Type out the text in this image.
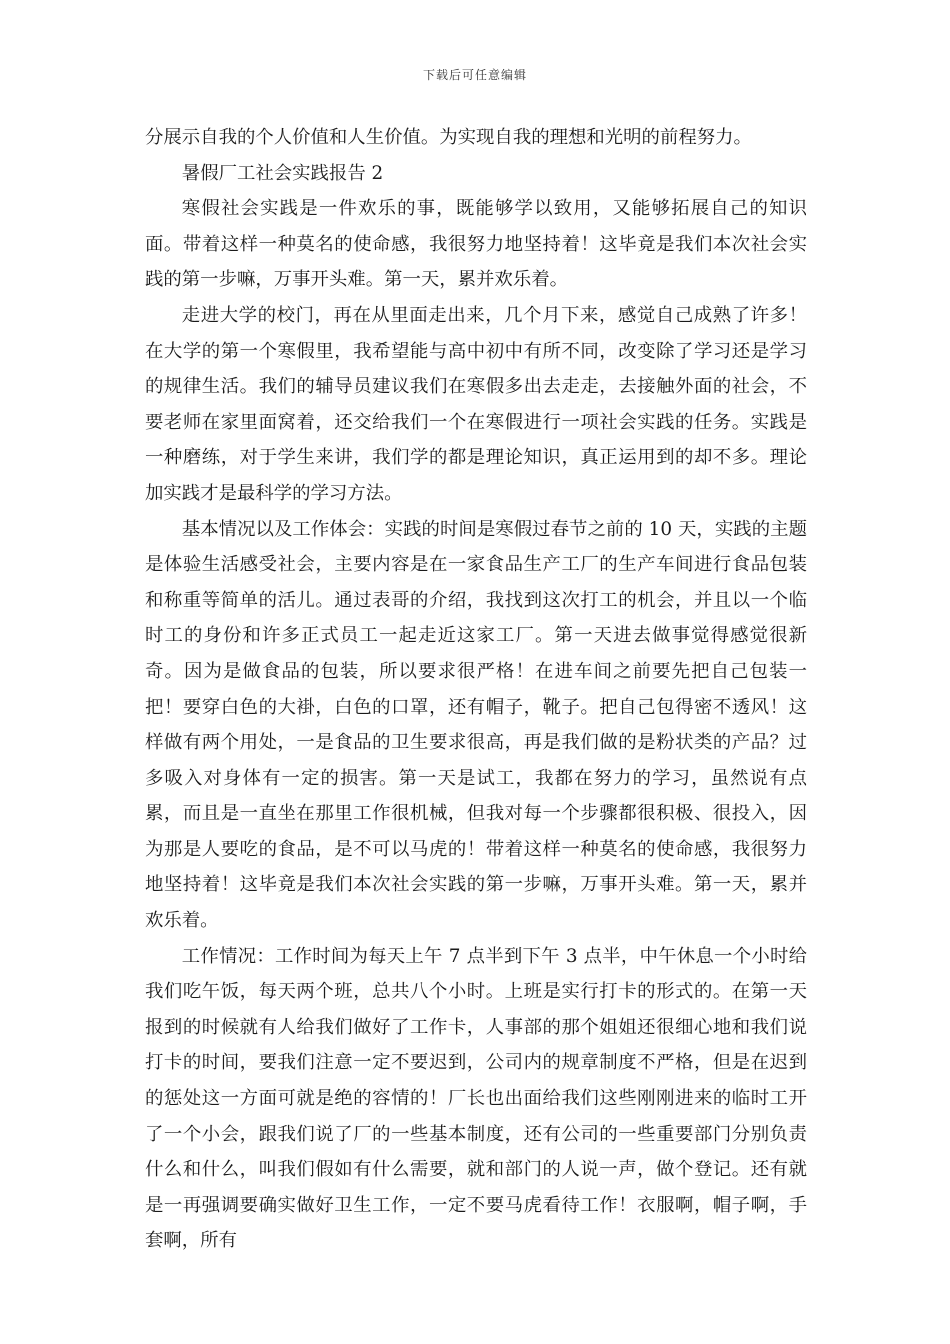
下载后可任意编辑

分展示自我的个人价值和人生价值。为实现自我的理想和光明的前程努力。

暑假厂工社会实践报告 2

寒假社会实践是一件欢乐的事，既能够学以致用，又能够拓展自己的知识面。带着这样一种莫名的使命感，我很努力地坚持着！这毕竟是我们本次社会实践的第一步嘛，万事开头难。第一天，累并欢乐着。

走进大学的校门，再在从里面走出来，几个月下来，感觉自己成熟了许多！在大学的第一个寒假里，我希望能与高中初中有所不同，改变除了学习还是学习的规律生活。我们的辅导员建议我们在寒假多出去走走，去接触外面的社会，不要老师在家里面窝着，还交给我们一个在寒假进行一项社会实践的任务。实践是一种磨练，对于学生来讲，我们学的都是理论知识，真正运用到的却不多。理论加实践才是最科学的学习方法。

基本情况以及工作体会：实践的时间是寒假过春节之前的 10 天，实践的主题是体验生活感受社会，主要内容是在一家食品生产工厂的生产车间进行食品包装和称重等简单的活儿。通过表哥的介绍，我找到这次打工的机会，并且以一个临时工的身份和许多正式员工一起走近这家工厂。第一天进去做事觉得感觉很新奇。因为是做食品的包装，所以要求很严格！在进车间之前要先把自己包装一把！要穿白色的大褂，白色的口罩，还有帽子，靴子。把自己包得密不透风！这样做有两个用处，一是食品的卫生要求很高，再是我们做的是粉状类的产品？过多吸入对身体有一定的损害。第一天是试工，我都在努力的学习，虽然说有点累，而且是一直坐在那里工作很机械，但我对每一个步骤都很积极、很投入，因为那是人要吃的食品，是不可以马虎的！带着这样一种莫名的使命感，我很努力地坚持着！这毕竟是我们本次社会实践的第一步嘛，万事开头难。第一天，累并欢乐着。

工作情况：工作时间为每天上午 7 点半到下午 3 点半，中午休息一个小时给我们吃午饭，每天两个班，总共八个小时。上班是实行打卡的形式的。在第一天报到的时候就有人给我们做好了工作卡，人事部的那个姐姐还很细心地和我们说打卡的时间，要我们注意一定不要迟到，公司内的规章制度不严格，但是在迟到的惩处这一方面可就是绝的容情的！厂长也出面给我们这些刚刚进来的临时工开了一个小会，跟我们说了厂的一些基本制度，还有公司的一些重要部门分别负责什么和什么，叫我们假如有什么需要，就和部门的人说一声，做个登记。还有就是一再强调要确实做好卫生工作，一定不要马虎看待工作！衣服啊，帽子啊，手套啊，所有
